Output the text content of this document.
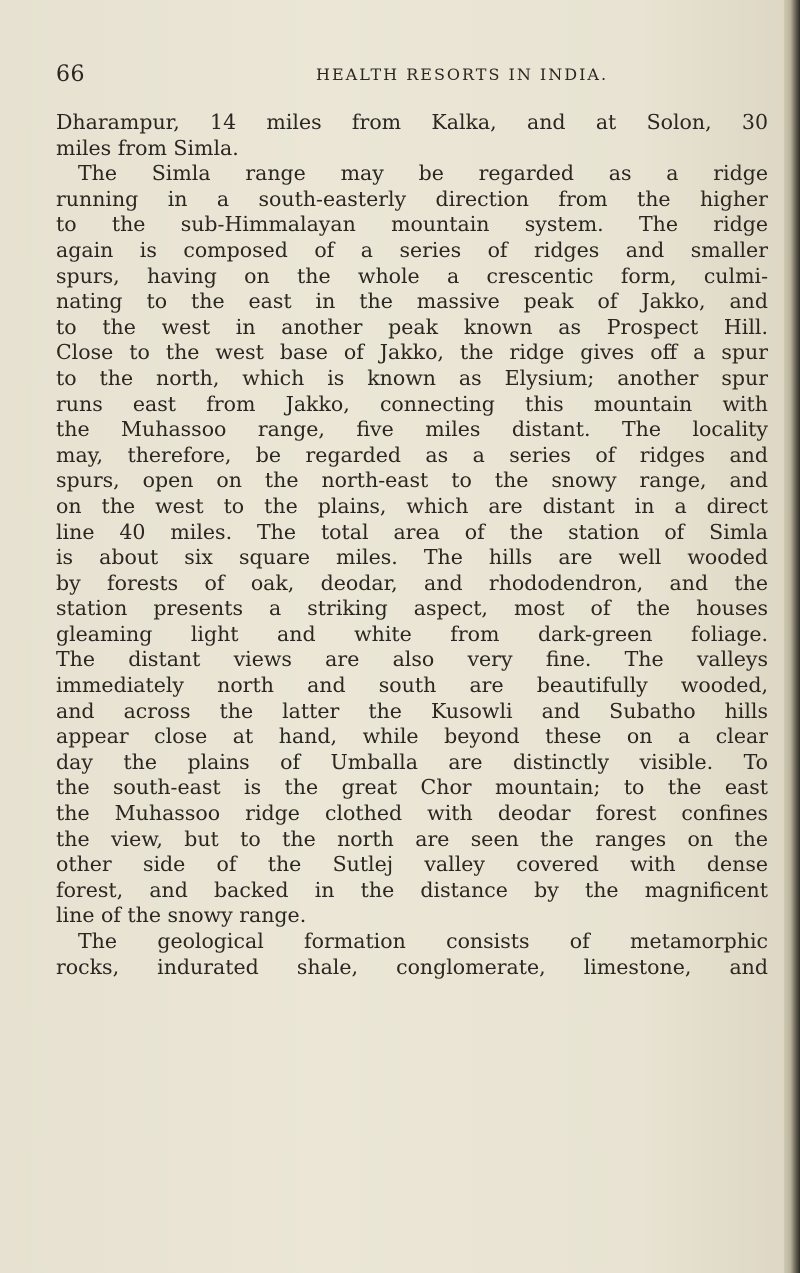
66	HEALTH RESORTS IN INDIA.
Dharampur, 14 miles from Kalka, and at Solon, 30
miles from Simla.
The Simla range may be regarded as a ridge
running in a south-easterly direction from the higher
to the sub-Himmalayan mountain system. The ridge
again is composed of a series of ridges and smaller
spurs, having on the whole a crescentic form, culmi-
nating to the east in the massive peak of Jakko, and
to the west in another peak known as Prospect Hill.
Close to the west base of Jakko, the ridge gives off a spur
to the north, which is known as Elysium; another spur
runs east from Jakko, connecting this mountain with
the Muhassoo range, five miles distant. The locality
may, therefore, be regarded as a series of ridges and
spurs, open on the north-east to the snowy range, and
on the west to the plains, which are distant in a direct
line 40 miles. The total area of the station of Simla
is about six square miles. The hills are well wooded
by forests of oak, deodar, and rhododendron, and the
station presents a striking aspect, most of the houses
gleaming light and white from dark-green foliage.
The distant views are also very fine. The valleys
immediately north and south are beautifully wooded,
and across the latter the Kusowli and Subatho hills
appear close at hand, while beyond these on a clear
day the plains of Umballa are distinctly visible. To
the south-east is the great Chor mountain; to the east
the Muhassoo ridge clothed with deodar forest confines
the view, but to the north are seen the ranges on the
other side of the Sutlej valley covered with dense
forest, and backed in the distance by the magnificent
line of the snowy range.
The geological formation consists of metamorphic
rocks, indurated shale, conglomerate, limestone, and
